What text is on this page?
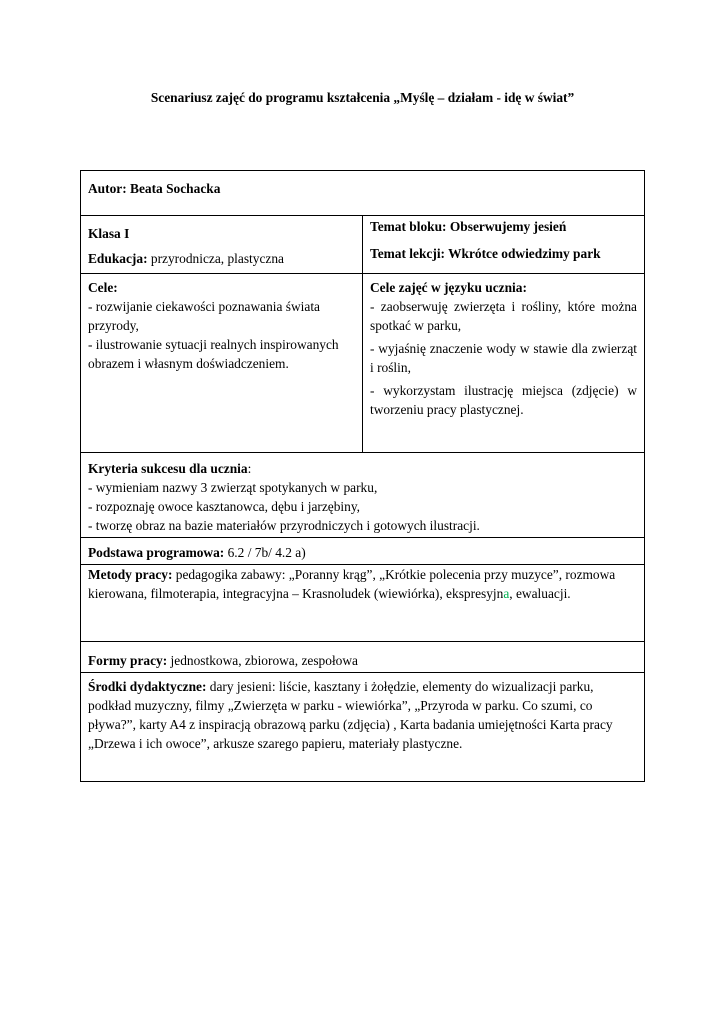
Scenariusz zajęć do programu kształcenia „Myślę – działam - idę w świat”

Autor: Beata Sochacka

Klasa I

Edukacja: przyrodnicza, plastyczna

Temat bloku: Obserwujemy jesień

Temat lekcji: Wkrótce odwiedzimy park

Cele:

- rozwijanie ciekawości poznawania świata przyrody,

- ilustrowanie sytuacji realnych inspirowanych obrazem i własnym doświadczeniem.

Cele zajęć w języku ucznia:

- zaobserwuję zwierzęta i rośliny, które można spotkać w parku,

- wyjaśnię znaczenie wody w stawie dla zwierząt i roślin,

- wykorzystam ilustrację miejsca (zdjęcie) w tworzeniu pracy plastycznej.

Kryteria sukcesu dla ucznia:

- wymieniam nazwy 3 zwierząt spotykanych w parku,

- rozpoznaję owoce kasztanowca, dębu i jarzębiny,

- tworzę obraz na bazie materiałów przyrodniczych i gotowych ilustracji.

Podstawa programowa: 6.2 / 7b/ 4.2 a)

Metody pracy: pedagogika zabawy: „Poranny krąg”, „Krótkie polecenia przy muzyce”, rozmowa kierowana, filmoterapia, integracyjna – Krasnoludek (wiewiórka), ekspresyjna, ewaluacji.

Formy pracy: jednostkowa, zbiorowa, zespołowa

Środki dydaktyczne: dary jesieni: liście, kasztany i żołędzie, elementy do wizualizacji parku, podkład muzyczny, filmy „Zwierzęta w parku - wiewiórka”, „Przyroda w parku. Co szumi, co pływa?”, karty A4 z inspiracją obrazową parku (zdjęcia) , Karta badania umiejętności Karta pracy „Drzewa i ich owoce”, arkusze szarego papieru, materiały plastyczne.
